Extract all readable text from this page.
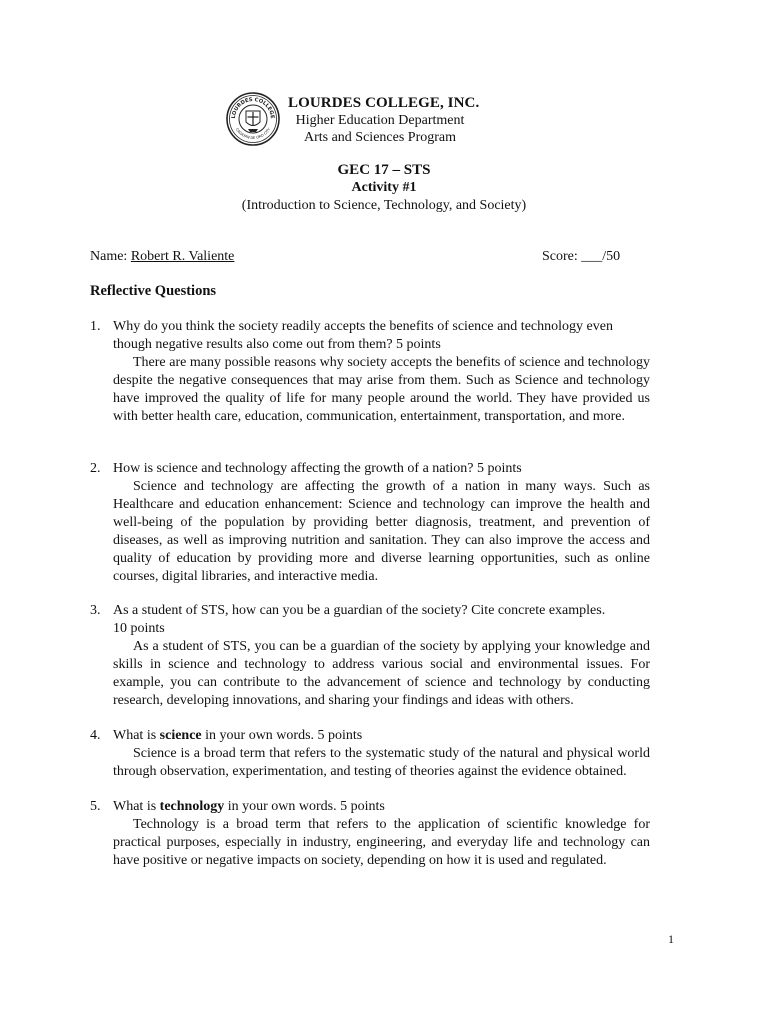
LOURDES COLLEGE
CAGAYAN DE ORO CITY
LOURDES COLLEGE, INC.
Higher Education Department
Arts and Sciences Program
GEC 17 – STS
Activity #1
(Introduction to Science, Technology, and Society)
Name: Robert R. Valiente	Score: ___/50
Reflective Questions
1. Why do you think the society readily accepts the benefits of science and technology even though negative results also come out from them? 5 points
There are many possible reasons why society accepts the benefits of science and technology despite the negative consequences that may arise from them. Such as Science and technology have improved the quality of life for many people around the world. They have provided us with better health care, education, communication, entertainment, transportation, and more.
2. How is science and technology affecting the growth of a nation? 5 points
Science and technology are affecting the growth of a nation in many ways. Such as Healthcare and education enhancement: Science and technology can improve the health and well-being of the population by providing better diagnosis, treatment, and prevention of diseases, as well as improving nutrition and sanitation. They can also improve the access and quality of education by providing more and diverse learning opportunities, such as online courses, digital libraries, and interactive media.
3. As a student of STS, how can you be a guardian of the society? Cite concrete examples.
10 points
As a student of STS, you can be a guardian of the society by applying your knowledge and skills in science and technology to address various social and environmental issues. For example, you can contribute to the advancement of science and technology by conducting research, developing innovations, and sharing your findings and ideas with others.
4. What is science in your own words. 5 points
Science is a broad term that refers to the systematic study of the natural and physical world through observation, experimentation, and testing of theories against the evidence obtained.
5. What is technology in your own words. 5 points
Technology is a broad term that refers to the application of scientific knowledge for practical purposes, especially in industry, engineering, and everyday life and technology can have positive or negative impacts on society, depending on how it is used and regulated.
1
